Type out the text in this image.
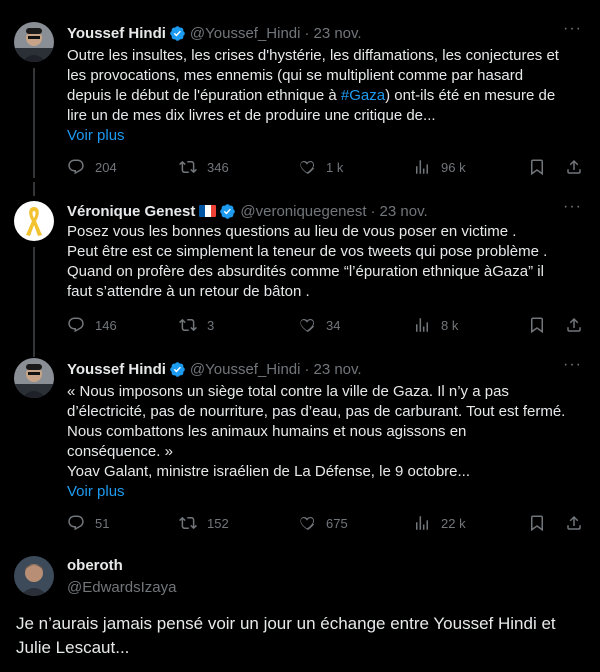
Youssef Hindi @Youssef_Hindi · 23 nov.	···
Outre les insultes, les crises d'hystérie, les diffamations, les conjectures et
les provocations, mes ennemis (qui se multiplient comme par hasard
depuis le début de l'épuration ethnique à #Gaza) ont-ils été en mesure de
lire un de mes dix livres et de produire une critique de...
Voir plus
204	346	1 k	96 k
Véronique Genest	@veroniquegenest · 23 nov.	···
Posez vous les bonnes questions au lieu de vous poser en victime .
Peut être est ce simplement la teneur de vos tweets qui pose problème .
Quand on profère des absurdités comme “l’épuration ethnique àGaza” il
faut s’attendre à un retour de bâton .
146	3	34	8 k
Youssef Hindi @Youssef_Hindi · 23 nov.	···
« Nous imposons un siège total contre la ville de Gaza. Il n’y a pas
d’électricité, pas de nourriture, pas d’eau, pas de carburant. Tout est fermé.
Nous combattons les animaux humains et nous agissons en
conséquence. »
Yoav Galant, ministre israélien de La Défense, le 9 octobre...
Voir plus
51	152	675	22 k
oberoth
@EdwardsIzaya
Je n’aurais jamais pensé voir un jour un échange entre Youssef Hindi et
Julie Lescaut...
